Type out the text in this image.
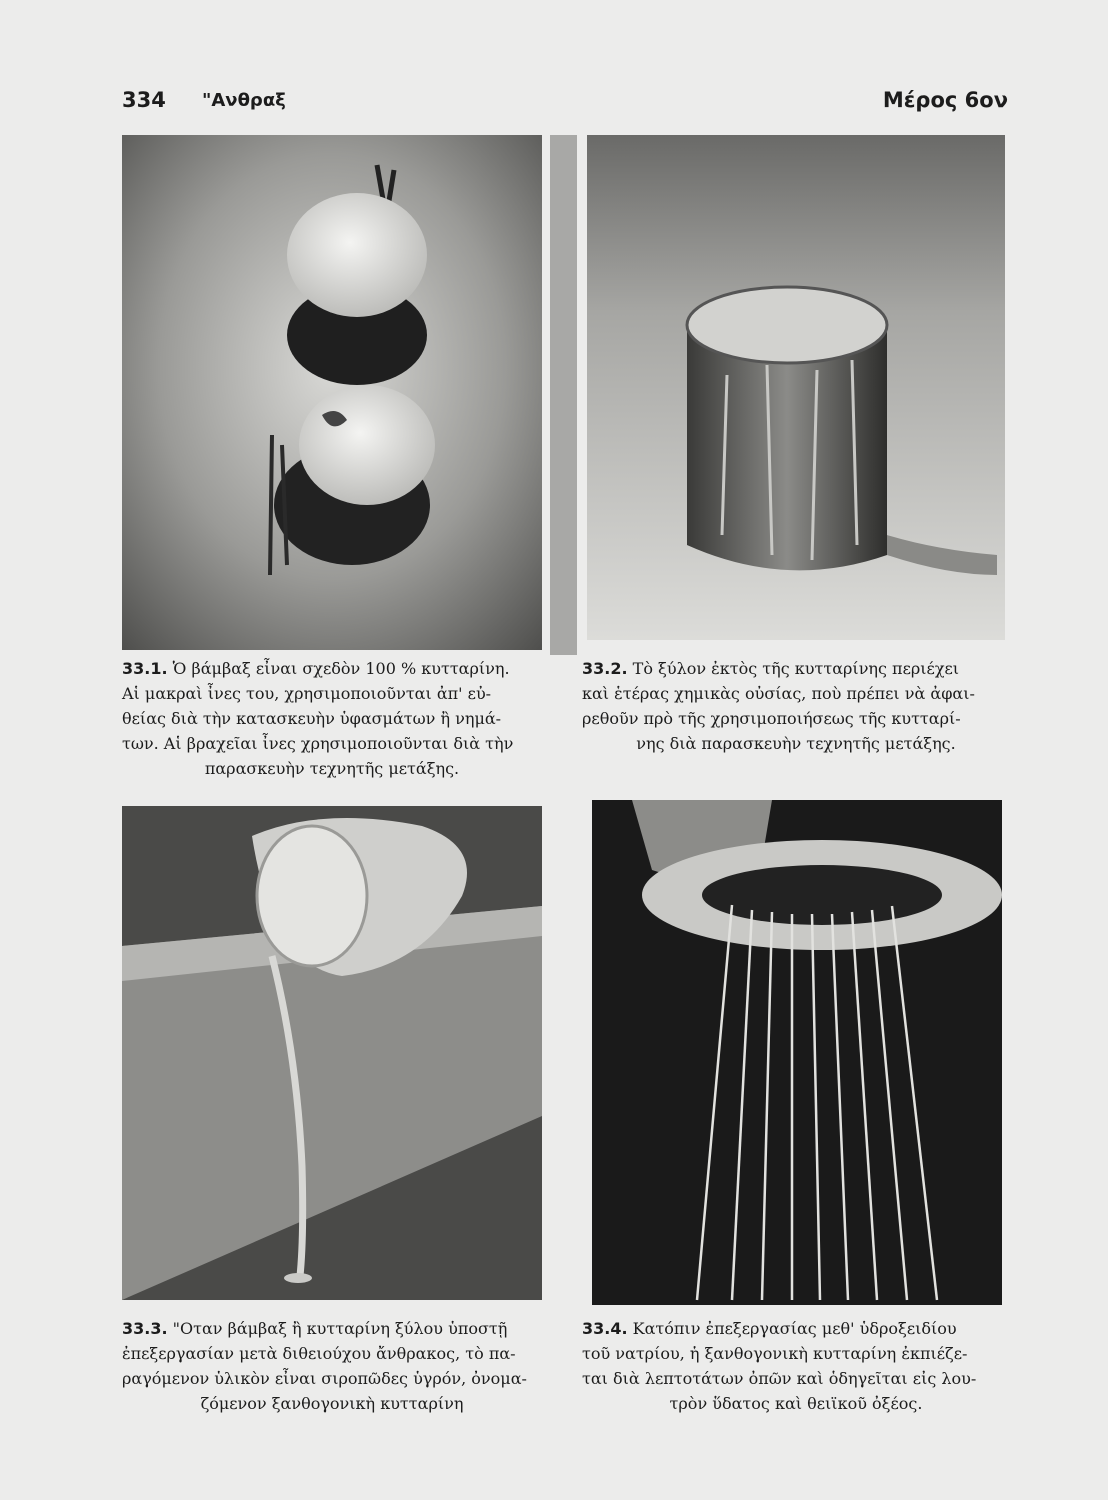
334 "Ανθραξ	Μέρος 6ον

33.1. Ὁ βάμβαξ εἶναι σχεδὸν 100 % κυτταρίνη.

Αἱ μακραὶ ἶνες του, χρησιμοποιοῦνται ἀπ' εὐ-

θείας διὰ τὴν κατασκευὴν ὑφασμάτων ἢ νημά-

των. Αἱ βραχεῖαι ἶνες χρησιμοποιοῦνται διὰ τὴν

παρασκευὴν τεχνητῆς μετάξης.

33.2. Τὸ ξύλον ἐκτὸς τῆς κυτταρίνης περιέχει

καὶ ἑτέρας χημικὰς οὐσίας, ποὺ πρέπει νὰ ἀφαι-

ρεθοῦν πρὸ τῆς χρησιμοποιήσεως τῆς κυτταρί-

νης διὰ παρασκευὴν τεχνητῆς μετάξης.

33.3. "Οταν βάμβαξ ἢ κυτταρίνη ξύλου ὑποστῇ

ἐπεξεργασίαν μετὰ διθειούχου ἄνθρακος, τὸ πα-

ραγόμενον ὑλικὸν εἶναι σιροπῶδες ὑγρόν, ὀνομα-

ζόμενον ξανθογονικὴ κυτταρίνη

33.4. Κατόπιν ἐπεξεργασίας μεθ' ὑδροξειδίου

τοῦ νατρίου, ἡ ξανθογονικὴ κυτταρίνη ἐκπιέζε-

ται διὰ λεπτοτάτων ὀπῶν καὶ ὁδηγεῖται εἰς λου-

τρὸν ὕδατος καὶ θειϊκοῦ ὀξέος.
